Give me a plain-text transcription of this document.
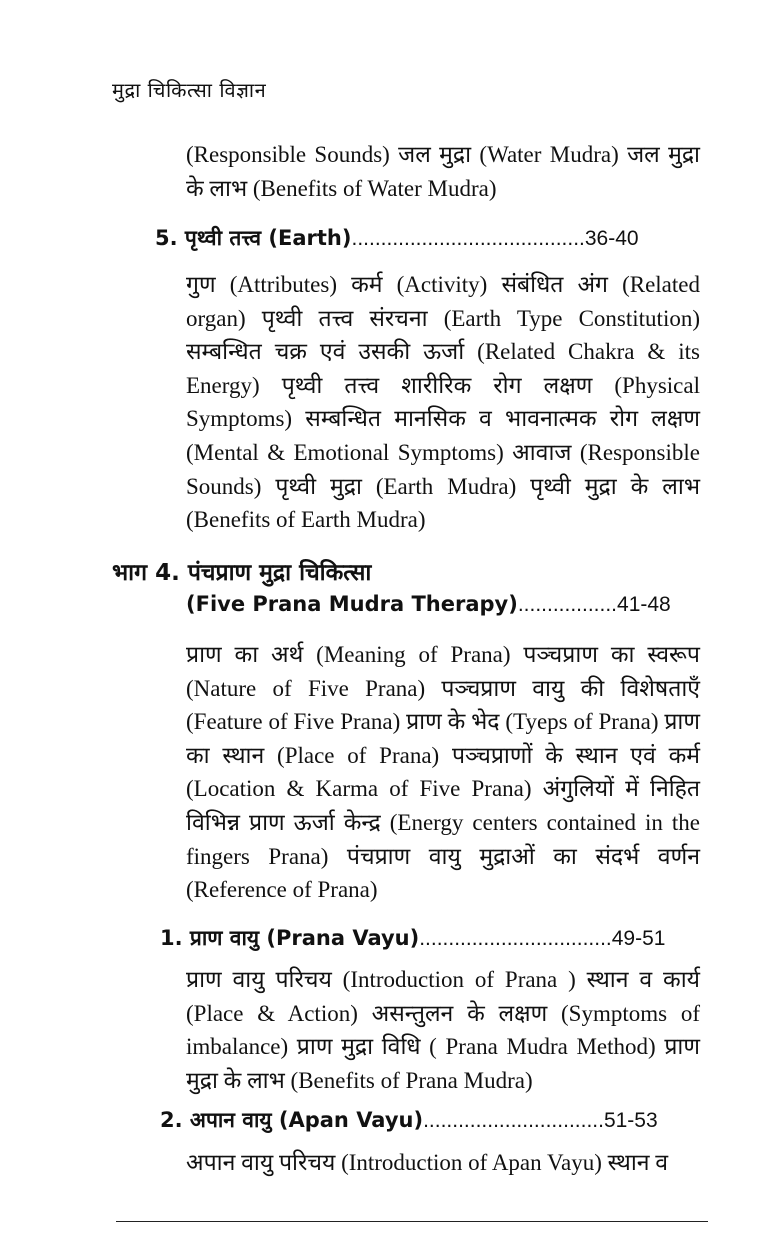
मुद्रा चिकित्सा विज्ञान
(Responsible Sounds) जल मुद्रा (Water Mudra) जल मुद्रा के लाभ (Benefits of Water Mudra)
5. पृथ्वी तत्त्व (Earth)........................................36-40
गुण (Attributes) कर्म (Activity) संबंधित अंग (Related organ) पृथ्वी तत्त्व संरचना (Earth Type Constitution) सम्बन्धित चक्र एवं उसकी ऊर्जा (Related Chakra & its Energy) पृथ्वी तत्त्व शारीरिक रोग लक्षण (Physical Symptoms) सम्बन्धित मानसिक व भावनात्मक रोग लक्षण (Mental & Emotional Symptoms) आवाज (Responsible Sounds) पृथ्वी मुद्रा (Earth Mudra) पृथ्वी मुद्रा के लाभ (Benefits of Earth Mudra)
भाग 4. पंचप्राण मुद्रा चिकित्सा
(Five Prana Mudra Therapy).................41-48
प्राण का अर्थ (Meaning of Prana) पञ्चप्राण का स्वरूप (Nature of Five Prana) पञ्चप्राण वायु की विशेषताएँ (Feature of Five Prana) प्राण के भेद (Tyeps of Prana) प्राण का स्थान (Place of Prana) पञ्चप्राणों के स्थान एवं कर्म (Location & Karma of Five Prana) अंगुलियों में निहित विभिन्न प्राण ऊर्जा केन्द्र (Energy centers contained in the fingers Prana) पंचप्राण वायु मुद्राओं का संदर्भ वर्णन (Reference of Prana)
1. प्राण वायु (Prana Vayu).................................49-51
प्राण वायु परिचय (Introduction of Prana ) स्थान व कार्य (Place & Action) असन्तुलन के लक्षण (Symptoms of imbalance) प्राण मुद्रा विधि ( Prana Mudra Method) प्राण मुद्रा के लाभ (Benefits of Prana Mudra)
2. अपान वायु (Apan Vayu)...............................51-53
अपान वायु परिचय (Introduction of Apan Vayu) स्थान व
